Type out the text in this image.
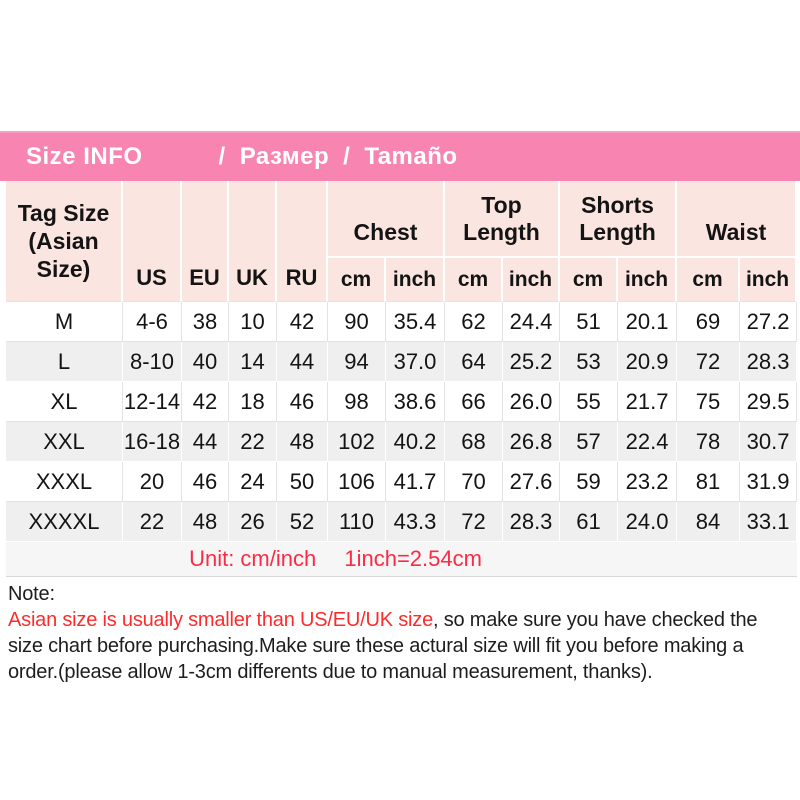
Size INFO	/ Размер / Tamaño
Tag Size (Asian Size)	US	EU	UK	RU	Chest		Top Length		Shorts Length		Waist	
					cm	inch	cm	inch	cm	inch	cm	inch
M	4-6	38	10	42	90	35.4	62	24.4	51	20.1	69	27.2
L	8-10	40	14	44	94	37.0	64	25.2	53	20.9	72	28.3
XL	12-14	42	18	46	98	38.6	66	26.0	55	21.7	75	29.5
XXL	16-18	44	22	48	102	40.2	68	26.8	57	22.4	78	30.7
XXXL	20	46	24	50	106	41.7	70	27.6	59	23.2	81	31.9
XXXXL	22	48	26	52	110	43.3	72	28.3	61	24.0	84	33.1
Unit: cm/inch 1inch=2.54cm												
Note:
Asian size is usually smaller than US/EU/UK size, so make sure you have checked the size chart before purchasing.Make sure these actural size will fit you before making a order.(please allow 1-3cm differents due to manual measurement, thanks).
